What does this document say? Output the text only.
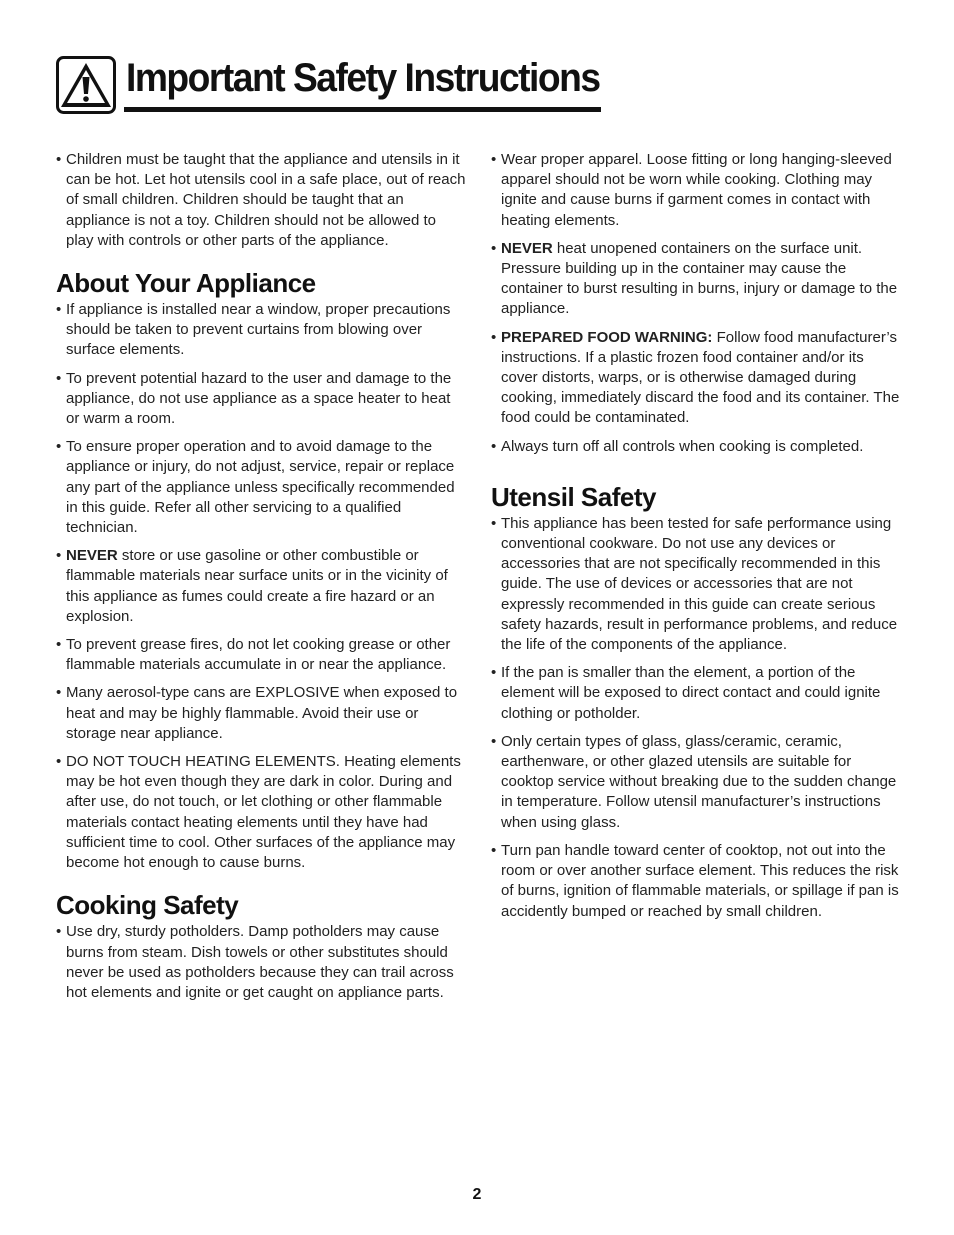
Important Safety Instructions
• Children must be taught that the appliance and utensils in it can be hot. Let hot utensils cool in a safe place, out of reach of small children. Children should be taught that an appliance is not a toy. Children should not be allowed to play with controls or other parts of the appliance.
About Your Appliance
• If appliance is installed near a window, proper precautions should be taken to prevent curtains from blowing over surface elements.
• To prevent potential hazard to the user and damage to the appliance, do not use appliance as a space heater to heat or warm a room.
• To ensure proper operation and to avoid damage to the appliance or injury, do not adjust, service, repair or replace any part of the appliance unless specifically recommended in this guide. Refer all other servicing to a qualified technician.
• NEVER store or use gasoline or other combustible or flammable materials near surface units or in the vicinity of this appliance as fumes could create a fire hazard or an explosion.
• To prevent grease fires, do not let cooking grease or other flammable materials accumulate in or near the appliance.
• Many aerosol-type cans are EXPLOSIVE when exposed to heat and may be highly flammable. Avoid their use or storage near appliance.
• DO NOT TOUCH HEATING ELEMENTS. Heating elements may be hot even though they are dark in color. During and after use, do not touch, or let clothing or other flammable materials contact heating elements until they have had sufficient time to cool. Other surfaces of the appliance may become hot enough to cause burns.
Cooking Safety
• Use dry, sturdy potholders. Damp potholders may cause burns from steam. Dish towels or other substitutes should never be used as potholders because they can trail across hot elements and ignite or get caught on appliance parts.
• Wear proper apparel. Loose fitting or long hanging-sleeved apparel should not be worn while cooking. Clothing may ignite and cause burns if garment comes in contact with heating elements.
• NEVER heat unopened containers on the surface unit. Pressure building up in the container may cause the container to burst resulting in burns, injury or damage to the appliance.
• PREPARED FOOD WARNING: Follow food manufacturer’s instructions. If a plastic frozen food container and/or its cover distorts, warps, or is otherwise damaged during cooking, immediately discard the food and its container. The food could be contaminated.
• Always turn off all controls when cooking is completed.
Utensil Safety
• This appliance has been tested for safe performance using conventional cookware. Do not use any devices or accessories that are not specifically recommended in this guide. The use of devices or accessories that are not expressly recommended in this guide can create serious safety hazards, result in performance problems, and reduce the life of the components of the appliance.
• If the pan is smaller than the element, a portion of the element will be exposed to direct contact and could ignite clothing or potholder.
• Only certain types of glass, glass/ceramic, ceramic, earthenware, or other glazed utensils are suitable for cooktop service without breaking due to the sudden change in temperature. Follow utensil manufacturer’s instructions when using glass.
• Turn pan handle toward center of cooktop, not out into the room or over another surface element. This reduces the risk of burns, ignition of flammable materials, or spillage if pan is accidently bumped or reached by small children.
2
